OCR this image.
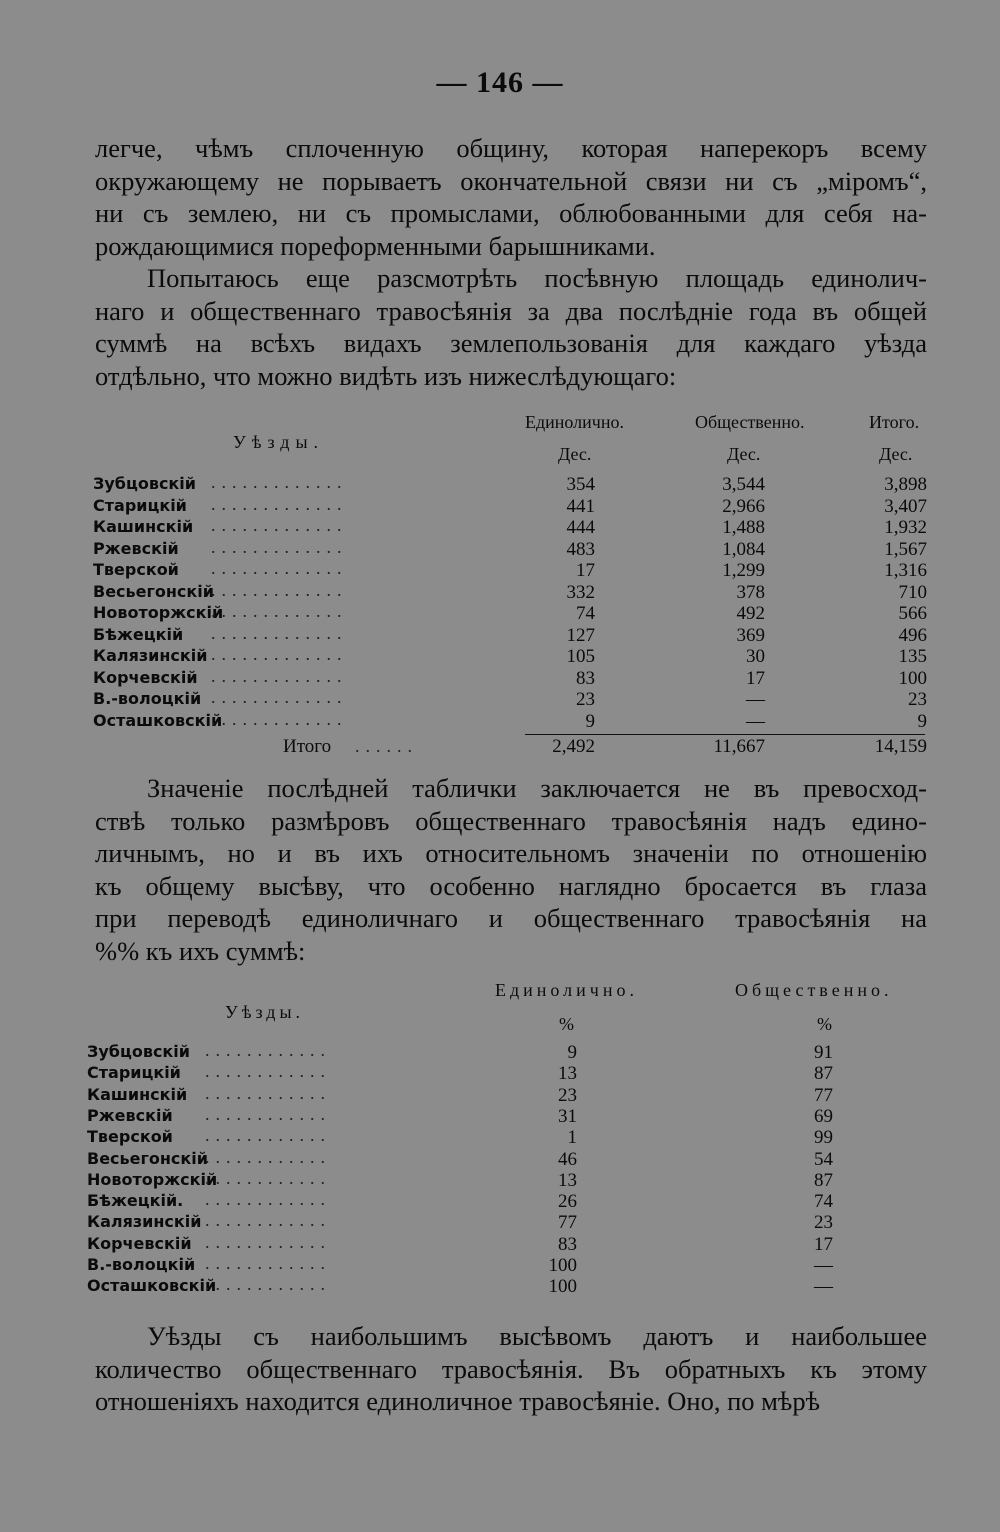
— 146 —
легче, чѣмъ сплоченную общину, которая наперекоръ всему
окружающему не порываетъ окончательной связи ни съ „міромъ“,
ни съ землею, ни съ промыслами, облюбованными для себя на-
рождающимися пореформенными барышниками.
Попытаюсь еще разсмотрѣть посѣвную площадь единолич-
наго и общественнаго травосѣянія за два послѣдніе года въ общей
суммѣ на всѣхъ видахъ землепользованія для каждаго уѣзда
отдѣльно, что можно видѣть изъ нижеслѣдующаго:
Уѣзды.
Единолично.	Общественно.	Итого.
Дес.	Дес.	Дес.
Зубцовскій	354	3,544	3,898
.............
Старицкій	441	2,966	3,407
.............
Кашинскій	444	1,488	1,932
.............
Ржевскій	483	1,084	1,567
.............
Тверской	17	1,299	1,316
.............
Весьегонскій	332	378	710
.............
Новоторжскій	74	492	566
.............
Бѣжецкій	127	369	496
.............
Калязинскій	105	30	135
.............
Корчевскій	83	17	100
.............
В.-волоцкій	23	—	23
.............
Осташковскій	9	—	9
.............
Итого ......	2,492	11,667	14,159
Значеніе послѣдней таблички заключается не въ превосход-
ствѣ только размѣровъ общественнаго травосѣянія надъ едино-
личнымъ, но и въ ихъ относительномъ значеніи по отношенію
къ общему высѣву, что особенно наглядно бросается въ глаза
при переводѣ единоличнаго и общественнаго травосѣянія на
%% къ ихъ суммѣ:
Уѣзды.
Единолично.	Общественно.
%	%
Зубцовскій	9	91
............
Старицкій	13	87
............
Кашинскій	23	77
............
Ржевскій	31	69
............
Тверской	1	99
............
Весьегонскій	46	54
............
Новоторжскій	13	87
............
Бѣжецкій.	26	74
............
Калязинскій	77	23
............
Корчевскій	83	17
............
В.-волоцкій	100	—
............
Осташковскій	100	—
............
Уѣзды съ наибольшимъ высѣвомъ даютъ и наибольшее
количество общественнаго травосѣянія. Въ обратныхъ къ этому
отношеніяхъ находится единоличное травосѣяніе. Оно, по мѣрѣ
